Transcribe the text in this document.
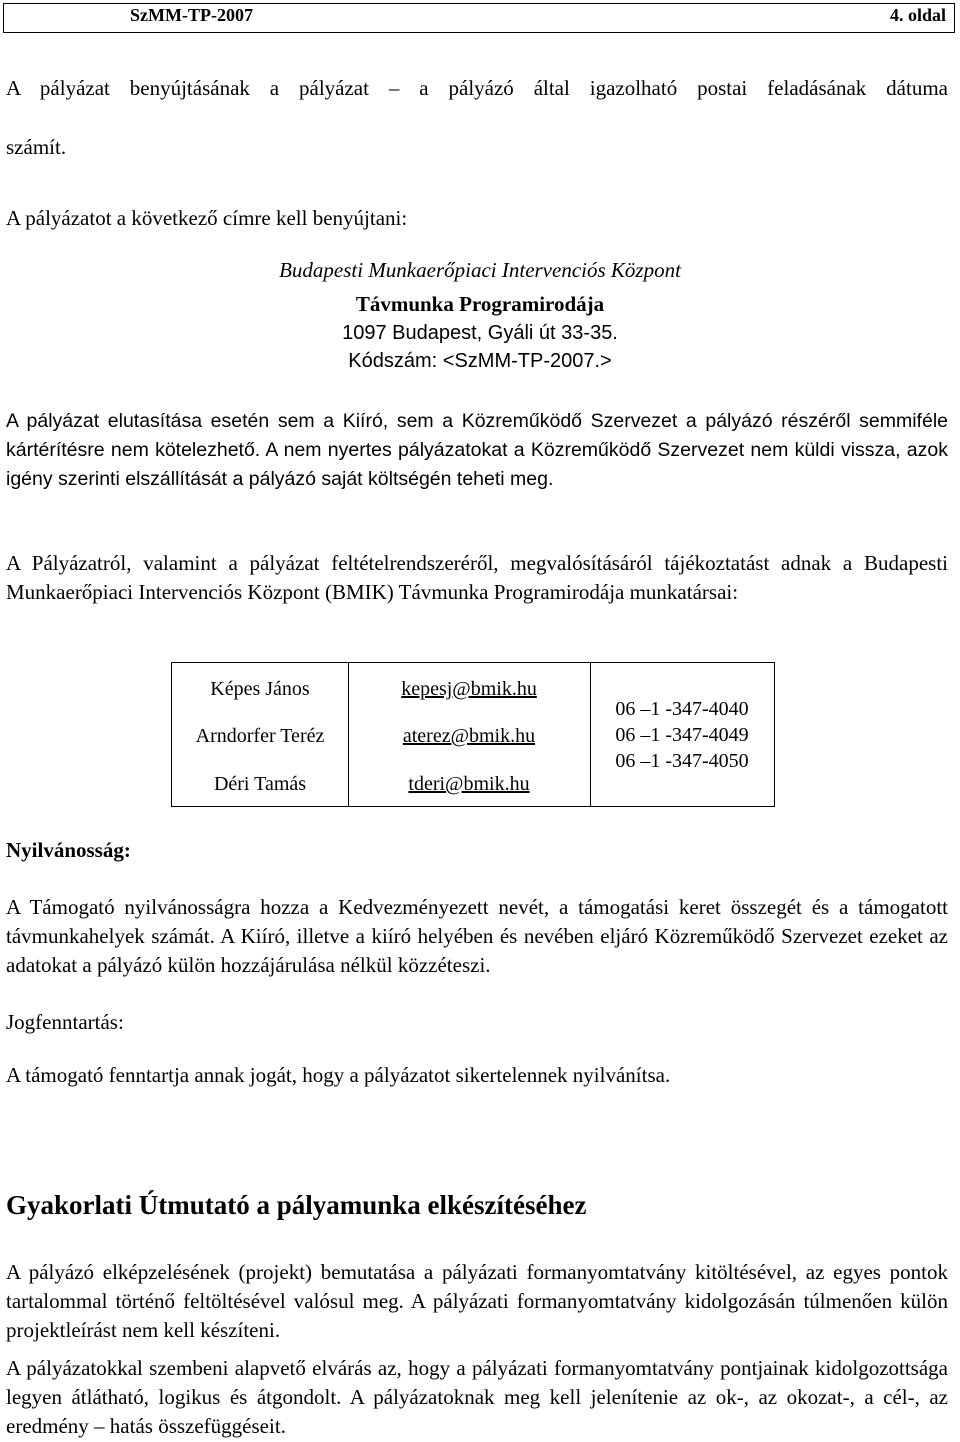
SzMM-TP-2007	4. oldal
A pályázat benyújtásának a pályázat – a pályázó által igazolható postai feladásának dátuma
számít.
A pályázatot a következő címre kell benyújtani:
Budapesti Munkaerőpiaci Intervenciós Központ
Távmunka Programirodája
1097 Budapest, Gyáli út 33-35.
Kódszám: <SzMM-TP-2007.>
A pályázat elutasítása esetén sem a Kiíró, sem a Közreműködő Szervezet a pályázó részéről semmiféle kártérítésre nem kötelezhető. A nem nyertes pályázatokat a Közreműködő Szervezet nem küldi vissza, azok igény szerinti elszállítását a pályázó saját költségén teheti meg.
A Pályázatról, valamint a pályázat feltételrendszeréről, megvalósításáról tájékoztatást adnak a Budapesti Munkaerőpiaci Intervenciós Központ (BMIK) Távmunka Programirodája munkatársai:
Képes János
Arndorfer Teréz
Déri Tamás
kepesj@bmik.hu
aterez@bmik.hu
tderi@bmik.hu
06 –1 -347-4040
06 –1 -347-4049
06 –1 -347-4050
Nyilvánosság:
A Támogató nyilvánosságra hozza a Kedvezményezett nevét, a támogatási keret összegét és a támogatott távmunkahelyek számát. A Kiíró, illetve a kiíró helyében és nevében eljáró Közreműködő Szervezet ezeket az adatokat a pályázó külön hozzájárulása nélkül közzéteszi.
Jogfenntartás:
A támogató fenntartja annak jogát, hogy a pályázatot sikertelennek nyilvánítsa.
Gyakorlati Útmutató a pályamunka elkészítéséhez
A pályázó elképzelésének (projekt) bemutatása a pályázati formanyomtatvány kitöltésével, az egyes pontok tartalommal történő feltöltésével valósul meg. A pályázati formanyomtatvány kidolgozásán túlmenően külön projektleírást nem kell készíteni.
A pályázatokkal szembeni alapvető elvárás az, hogy a pályázati formanyomtatvány pontjainak kidolgozottsága legyen átlátható, logikus és átgondolt. A pályázatoknak meg kell jelenítenie az ok-, az okozat-, a cél-, az eredmény – hatás összefüggéseit.
